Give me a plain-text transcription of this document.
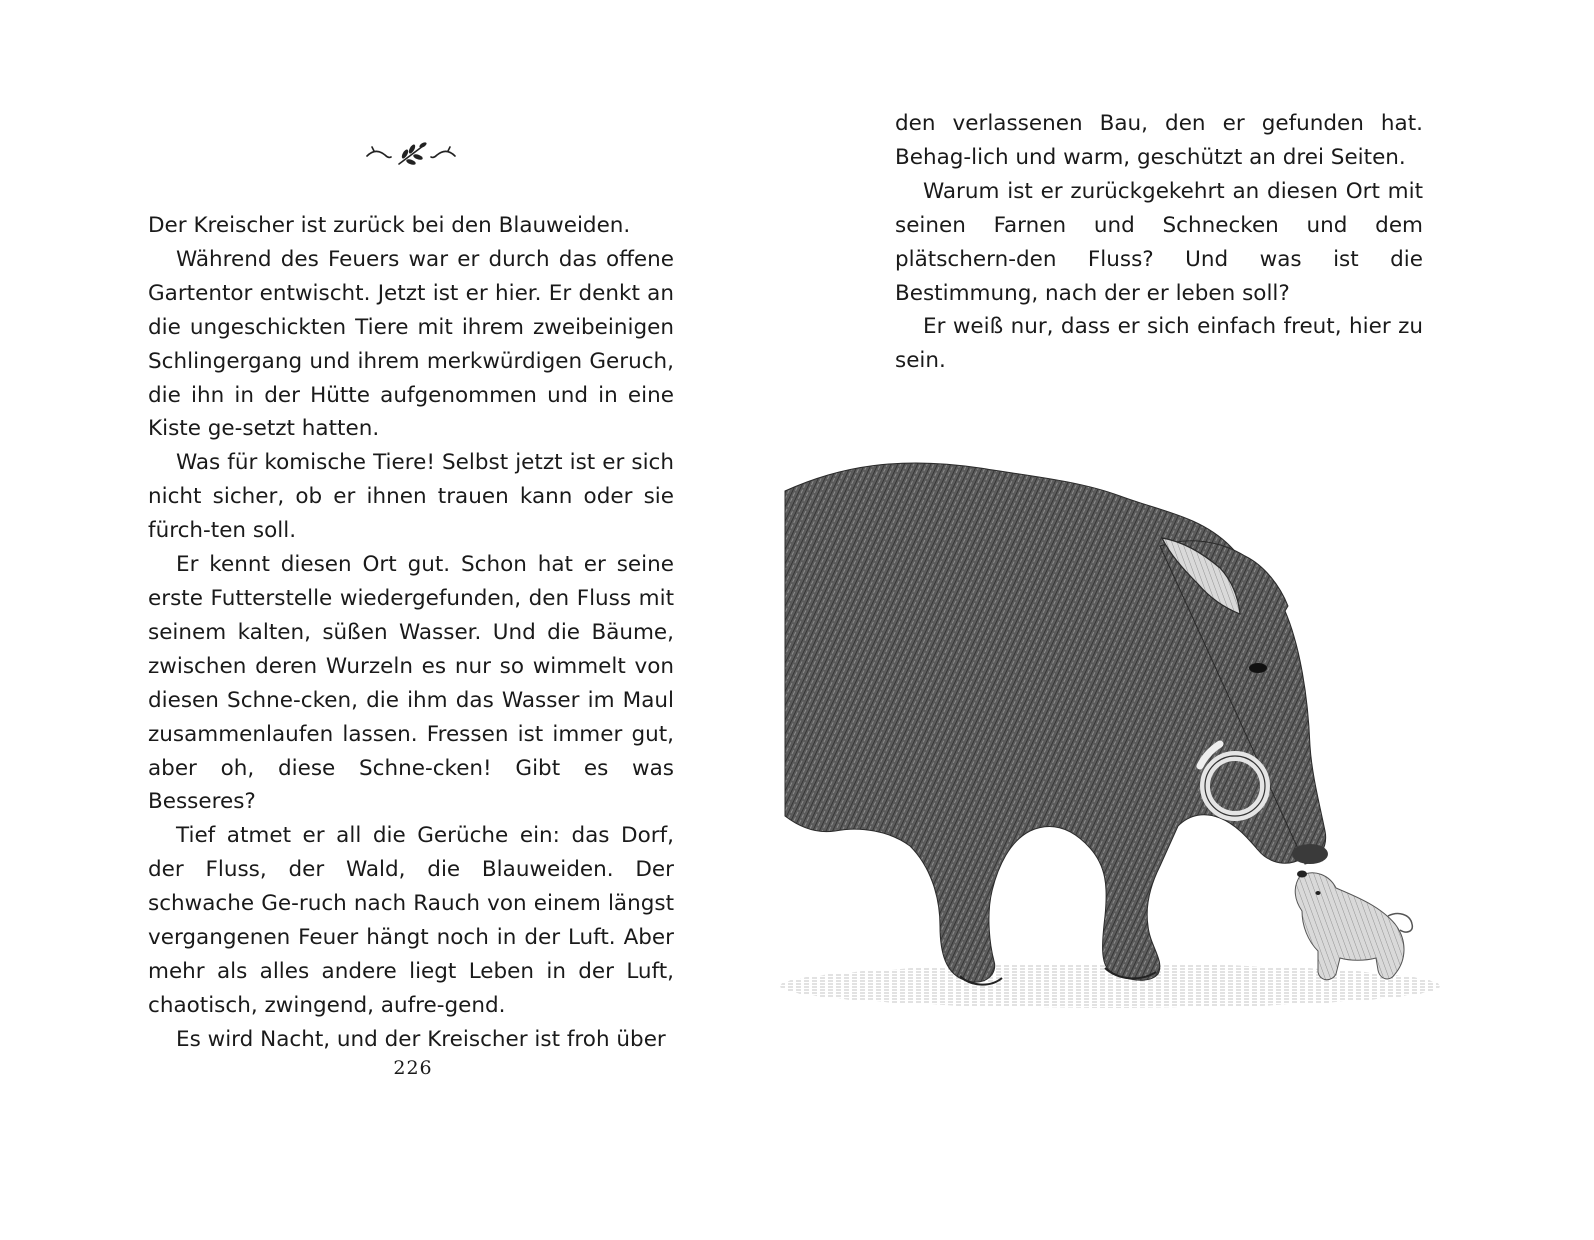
Der Kreischer ist zurück bei den Blauweiden.

Während des Feuers war er durch das offene Gartentor entwischt. Jetzt ist er hier. Er denkt an die ungeschickten Tiere mit ihrem zweibeinigen Schlingergang und ihrem merkwürdigen Geruch, die ihn in der Hütte aufgenommen und in eine Kiste ge-setzt hatten.

Was für komische Tiere! Selbst jetzt ist er sich nicht sicher, ob er ihnen trauen kann oder sie fürch-ten soll.

Er kennt diesen Ort gut. Schon hat er seine erste Futterstelle wiedergefunden, den Fluss mit seinem kalten, süßen Wasser. Und die Bäume, zwischen deren Wurzeln es nur so wimmelt von diesen Schne-cken, die ihm das Wasser im Maul zusammenlaufen lassen. Fressen ist immer gut, aber oh, diese Schne-cken! Gibt es was Besseres?

Tief atmet er all die Gerüche ein: das Dorf, der Fluss, der Wald, die Blauweiden. Der schwache Ge-ruch nach Rauch von einem längst vergangenen Feuer hängt noch in der Luft. Aber mehr als alles andere liegt Leben in der Luft, chaotisch, zwingend, aufre-gend.

Es wird Nacht, und der Kreischer ist froh über

226

den verlassenen Bau, den er gefunden hat. Behag-lich und warm, geschützt an drei Seiten.

Warum ist er zurückgekehrt an diesen Ort mit seinen Farnen und Schnecken und dem plätschern-den Fluss? Und was ist die Bestimmung, nach der er leben soll?

Er weiß nur, dass er sich einfach freut, hier zu sein.
